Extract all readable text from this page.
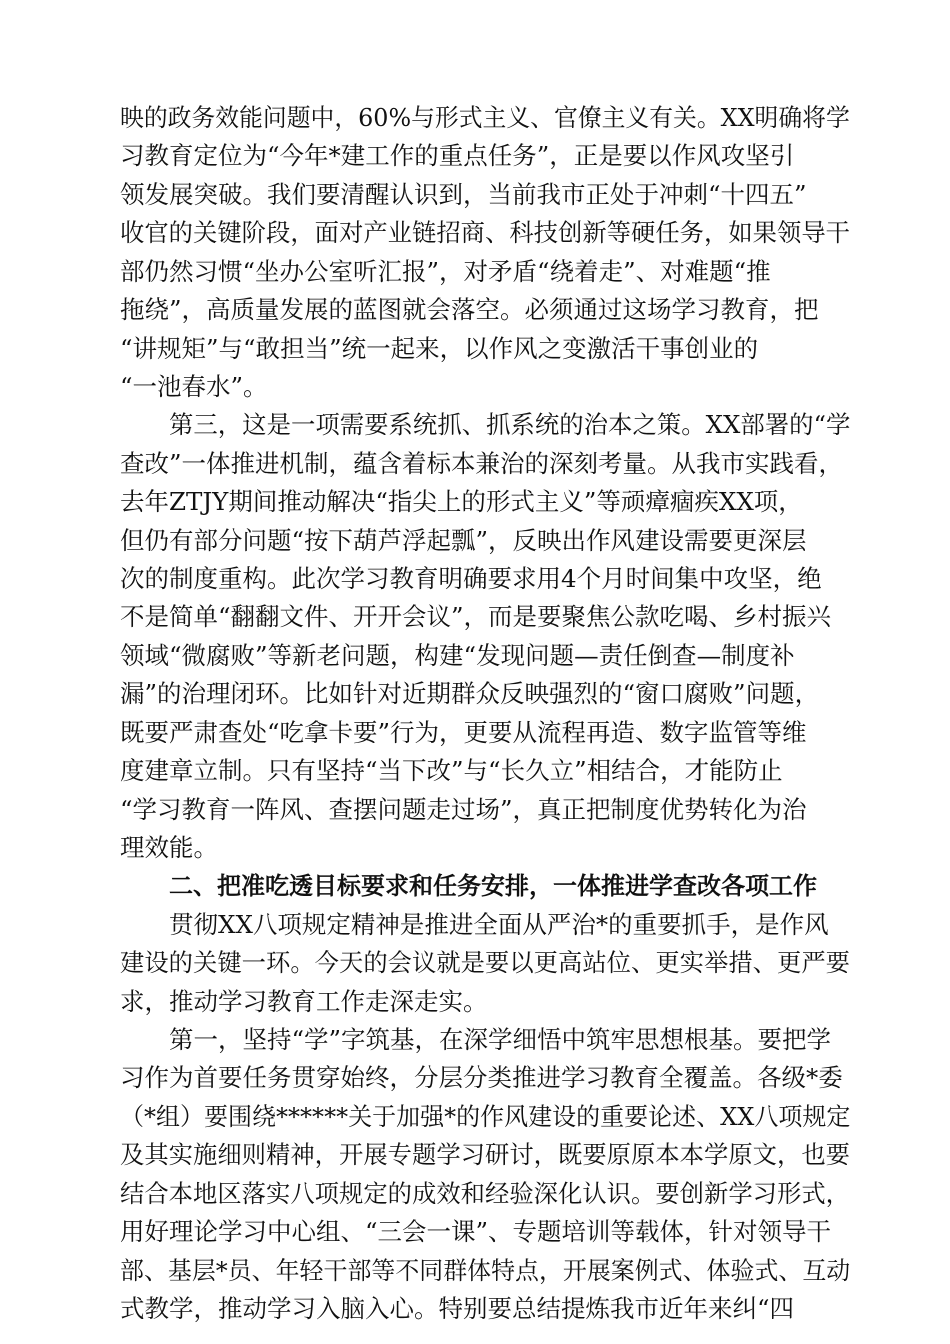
映的政务效能问题中，60%与形式主义、官僚主义有关。XX明确将学
习教育定位为“今年*建工作的重点任务”，正是要以作风攻坚引
领发展突破。我们要清醒认识到，当前我市正处于冲刺“十四五”
收官的关键阶段，面对产业链招商、科技创新等硬任务，如果领导干
部仍然习惯“坐办公室听汇报”，对矛盾“绕着走”、对难题“推
拖绕”，高质量发展的蓝图就会落空。必须通过这场学习教育，把
“讲规矩”与“敢担当”统一起来，以作风之变激活干事创业的
“一池春水”。
第三，这是一项需要系统抓、抓系统的治本之策。XX部署的“学
查改”一体推进机制，蕴含着标本兼治的深刻考量。从我市实践看，
去年ZTJY期间推动解决“指尖上的形式主义”等顽瘴痼疾XX项，
但仍有部分问题“按下葫芦浮起瓢”，反映出作风建设需要更深层
次的制度重构。此次学习教育明确要求用4个月时间集中攻坚，绝
不是简单“翻翻文件、开开会议”，而是要聚焦公款吃喝、乡村振兴
领域“微腐败”等新老问题，构建“发现问题—责任倒查—制度补
漏”的治理闭环。比如针对近期群众反映强烈的“窗口腐败”问题，
既要严肃查处“吃拿卡要”行为，更要从流程再造、数字监管等维
度建章立制。只有坚持“当下改”与“长久立”相结合，才能防止
“学习教育一阵风、查摆问题走过场”，真正把制度优势转化为治
理效能。
二、把准吃透目标要求和任务安排，一体推进学查改各项工作
贯彻XX八项规定精神是推进全面从严治*的重要抓手，是作风
建设的关键一环。今天的会议就是要以更高站位、更实举措、更严要
求，推动学习教育工作走深走实。
第一，坚持“学”字筑基，在深学细悟中筑牢思想根基。要把学
习作为首要任务贯穿始终，分层分类推进学习教育全覆盖。各级*委
（*组）要围绕******关于加强*的作风建设的重要论述、XX八项规定
及其实施细则精神，开展专题学习研讨，既要原原本本学原文，也要
结合本地区落实八项规定的成效和经验深化认识。要创新学习形式，
用好理论学习中心组、“三会一课”、专题培训等载体，针对领导干
部、基层*员、年轻干部等不同群体特点，开展案例式、体验式、互动
式教学，推动学习入脑入心。特别要总结提炼我市近年来纠“四
